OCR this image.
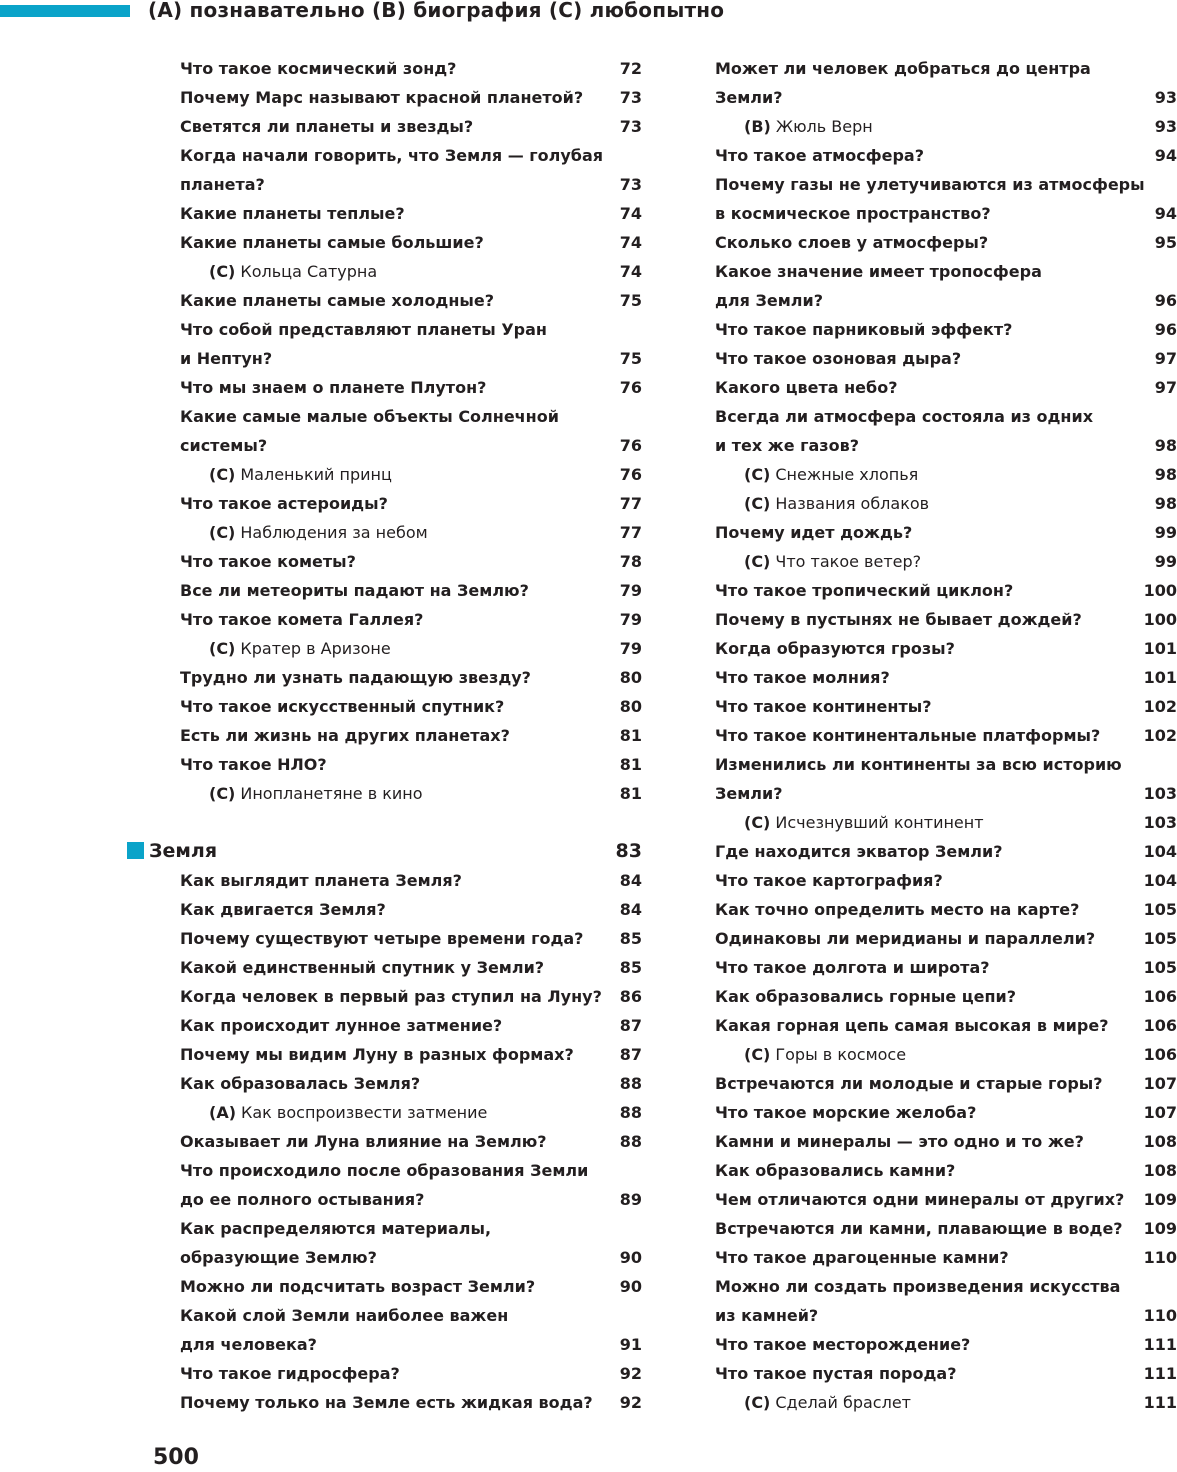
(A) познавательно (B) биография (C) любопытно
Что такое космический зонд?	72
Почему Марс называют красной планетой? 73
Светятся ли планеты и звезды?	73
Когда начали говорить, что Земля — голубая
планета?	73
Какие планеты теплые?	74
Какие планеты самые большие?	74
(C) Кольца Сатурна	74
Какие планеты самые холодные?	75
Что собой представляют планеты Уран
и Нептун?	75
Что мы знаем о планете Плутон?	76
Какие самые малые объекты Солнечной
системы?	76
(C) Маленький принц	76
Что такое астероиды?	77
(C) Наблюдения за небом	77
Что такое кометы?	78
Все ли метеориты падают на Землю?	79
Что такое комета Галлея?	79
(C) Кратер в Аризоне	79
Трудно ли узнать падающую звезду?	80
Что такое искусственный спутник?	80
Есть ли жизнь на других планетах?	81
Что такое НЛО?	81
(C) Инопланетяне в кино	81
Земля	83
Как выглядит планета Земля?	84
Как двигается Земля?	84
Почему существуют четыре времени года? 85
Какой единственный спутник у Земли?	85
Когда человек в первый раз ступил на Луну? 86
Как происходит лунное затмение?	87
Почему мы видим Луну в разных формах?	87
Как образовалась Земля?	88
(A) Как воспроизвести затмение	88
Оказывает ли Луна влияние на Землю?	88
Что происходило после образования Земли
до ее полного остывания?	89
Как распределяются материалы,
образующие Землю?	90
Можно ли подсчитать возраст Земли?	90
Какой слой Земли наиболее важен
для человека?	91
Что такое гидросфера?	92
Почему только на Земле есть жидкая вода? 92
Может ли человек добраться до центра
Земли?	93
(B) Жюль Верн	93
Что такое атмосфера?	94
Почему газы не улетучиваются из атмосферы
в космическое пространство?	94
Сколько слоев у атмосферы?	95
Какое значение имеет тропосфера
для Земли?	96
Что такое парниковый эффект?	96
Что такое озоновая дыра?	97
Какого цвета небо?	97
Всегда ли атмосфера состояла из одних
и тех же газов?	98
(C) Снежные хлопья	98
(C) Названия облаков	98
Почему идет дождь?	99
(C) Что такое ветер?	99
Что такое тропический циклон?	100
Почему в пустынях не бывает дождей?	100
Когда образуются грозы?	101
Что такое молния?	101
Что такое континенты?	102
Что такое континентальные платформы?	102
Изменились ли континенты за всю историю
Земли?	103
(C) Исчезнувший континент	103
Где находится экватор Земли?	104
Что такое картография?	104
Как точно определить место на карте?	105
Одинаковы ли меридианы и параллели?	105
Что такое долгота и широта?	105
Как образовались горные цепи?	106
Какая горная цепь самая высокая в мире? 106
(C) Горы в космосе	106
Встречаются ли молодые и старые горы?	107
Что такое морские желоба?	107
Камни и минералы — это одно и то же?	108
Как образовались камни?	108
Чем отличаются одни минералы от других? 109
Встречаются ли камни, плавающие в воде? 109
Что такое драгоценные камни?	110
Можно ли создать произведения искусства
из камней?	110
Что такое месторождение?	111
Что такое пустая порода?	111
(C) Сделай браслет	111
500
